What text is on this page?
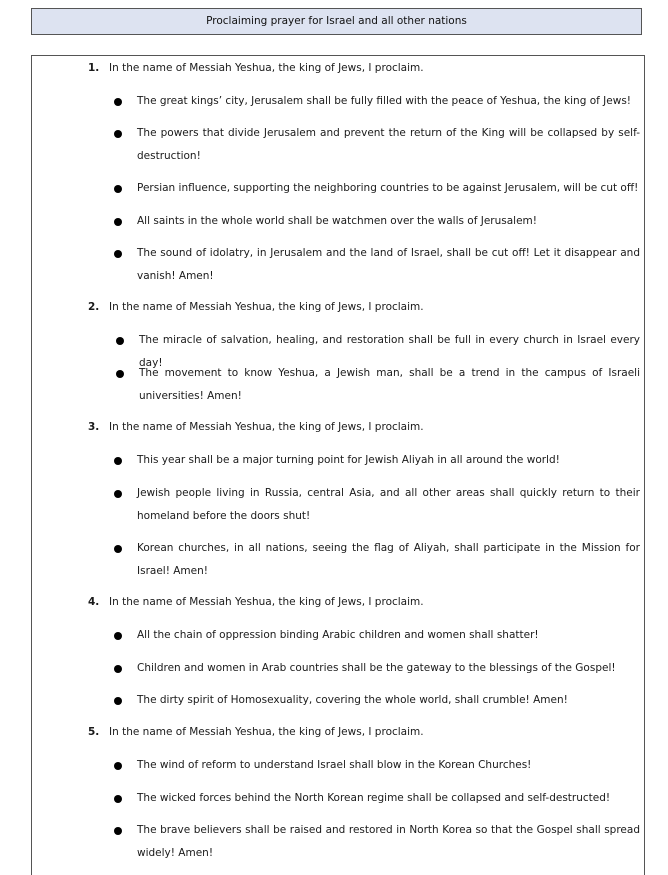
Proclaiming prayer for Israel and all other nations
1. In the name of Messiah Yeshua, the king of Jews, I proclaim.
The great kings’ city, Jerusalem shall be fully filled with the peace of Yeshua, the king of Jews!
The powers that divide Jerusalem and prevent the return of the King will be collapsed by self-destruction!
Persian influence, supporting the neighboring countries to be against Jerusalem, will be cut off!
All saints in the whole world shall be watchmen over the walls of Jerusalem!
The sound of idolatry, in Jerusalem and the land of Israel, shall be cut off! Let it disappear and vanish! Amen!
2. In the name of Messiah Yeshua, the king of Jews, I proclaim.
The miracle of salvation, healing, and restoration shall be full in every church in Israel every day!
The movement to know Yeshua, a Jewish man, shall be a trend in the campus of Israeli universities! Amen!
3. In the name of Messiah Yeshua, the king of Jews, I proclaim.
This year shall be a major turning point for Jewish Aliyah in all around the world!
Jewish people living in Russia, central Asia, and all other areas shall quickly return to their homeland before the doors shut!
Korean churches, in all nations, seeing the flag of Aliyah, shall participate in the Mission for Israel! Amen!
4. In the name of Messiah Yeshua, the king of Jews, I proclaim.
All the chain of oppression binding Arabic children and women shall shatter!
Children and women in Arab countries shall be the gateway to the blessings of the Gospel!
The dirty spirit of Homosexuality, covering the whole world, shall crumble! Amen!
5. In the name of Messiah Yeshua, the king of Jews, I proclaim.
The wind of reform to understand Israel shall blow in the Korean Churches!
The wicked forces behind the North Korean regime shall be collapsed and self-destructed!
The brave believers shall be raised and restored in North Korea so that the Gospel shall spread widely! Amen!
